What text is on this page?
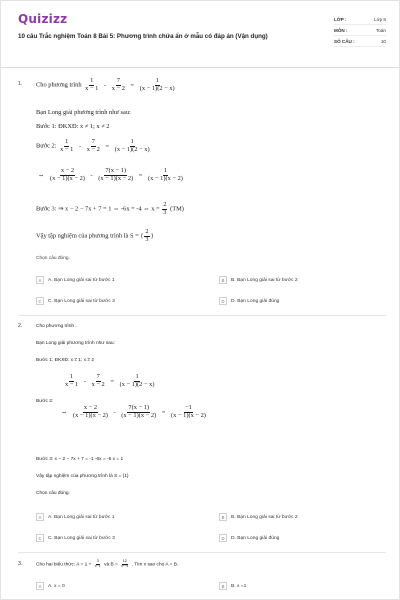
Quizizz
10 câu Trắc nghiệm Toán 8 Bài 5: Phương trình chứa ẩn ở mẫu có đáp án (Vận dụng)
LỚP :	Lớp 8
MÔN :	Toán
SỐ CÂU :	10
1. Cho phương trình $\frac{1}{x - 1} - \frac{7}{x - 2} = \frac{1}{(x - 1)(2 - x)}$
Bạn Long giải phương trình như sau:
Bước 1: ĐKXĐ: x ≠ 1; x ≠ 2
Bước 2: $\frac{1}{x - 1} - \frac{7}{x - 2} = \frac{1}{(x - 1)(2 - x)}$
⇔ $\frac{x - 2}{(x - 1)(x - 2)} - \frac{7(x - 1)}{(x - 1)(x - 2)} = \frac{1}{(x - 1)(x - 2)}$
Bước 3: ⇒ x − 2 − 7x + 7 = 1 ⇔ -6x = -4 ⇔ $x = \frac{2}{3} (TM)$
Vậy tập nghiệm của phương trình là S = { $\frac{2}{3}$ }
Chọn câu đúng.
A	A. Bạn Long giải sai từ bước 1	B	B. Bạn Long giải sai từ bước 2
C	C. Bạn Long giải sai từ bước 3	D	D. Bạn Long giải đúng
2.	Cho phương trình .
Bạn Long giải phương trình như sau:
Bước 1: ĐKXĐ: x ≠ 1; x ≠ 2
$\frac{1}{x - 1} - \frac{7}{x - 2} = \frac{1}{(x - 1)(2 - x)}$
Bước 2:
⇔ $\frac{x - 2}{(x - 1)(x - 2)} - \frac{7(x - 1)}{(x - 1)(x - 2)} = \frac{-1}{(x - 1)(x - 2)}$
Bước 3: x − 2 − 7x + 7 = -1 -6x = -6 x = 1
Vậy tập nghiệm của phương trình là S = {1}
Chọn câu đúng.
A	A. Bạn Long giải sai từ bước 1	B	B. Bạn Long giải sai từ bước 2
C	C. Bạn Long giải sai từ bước 3	D	D. Bạn Long giải đúng
3.	Cho hai biểu thức: $A = 1 + \frac{3}{x-1}$ và $B = \frac{12}{\text{x²−4}}$ . Tìm x sao cho A = B.
A	A. x = 0	B	B. x =1
